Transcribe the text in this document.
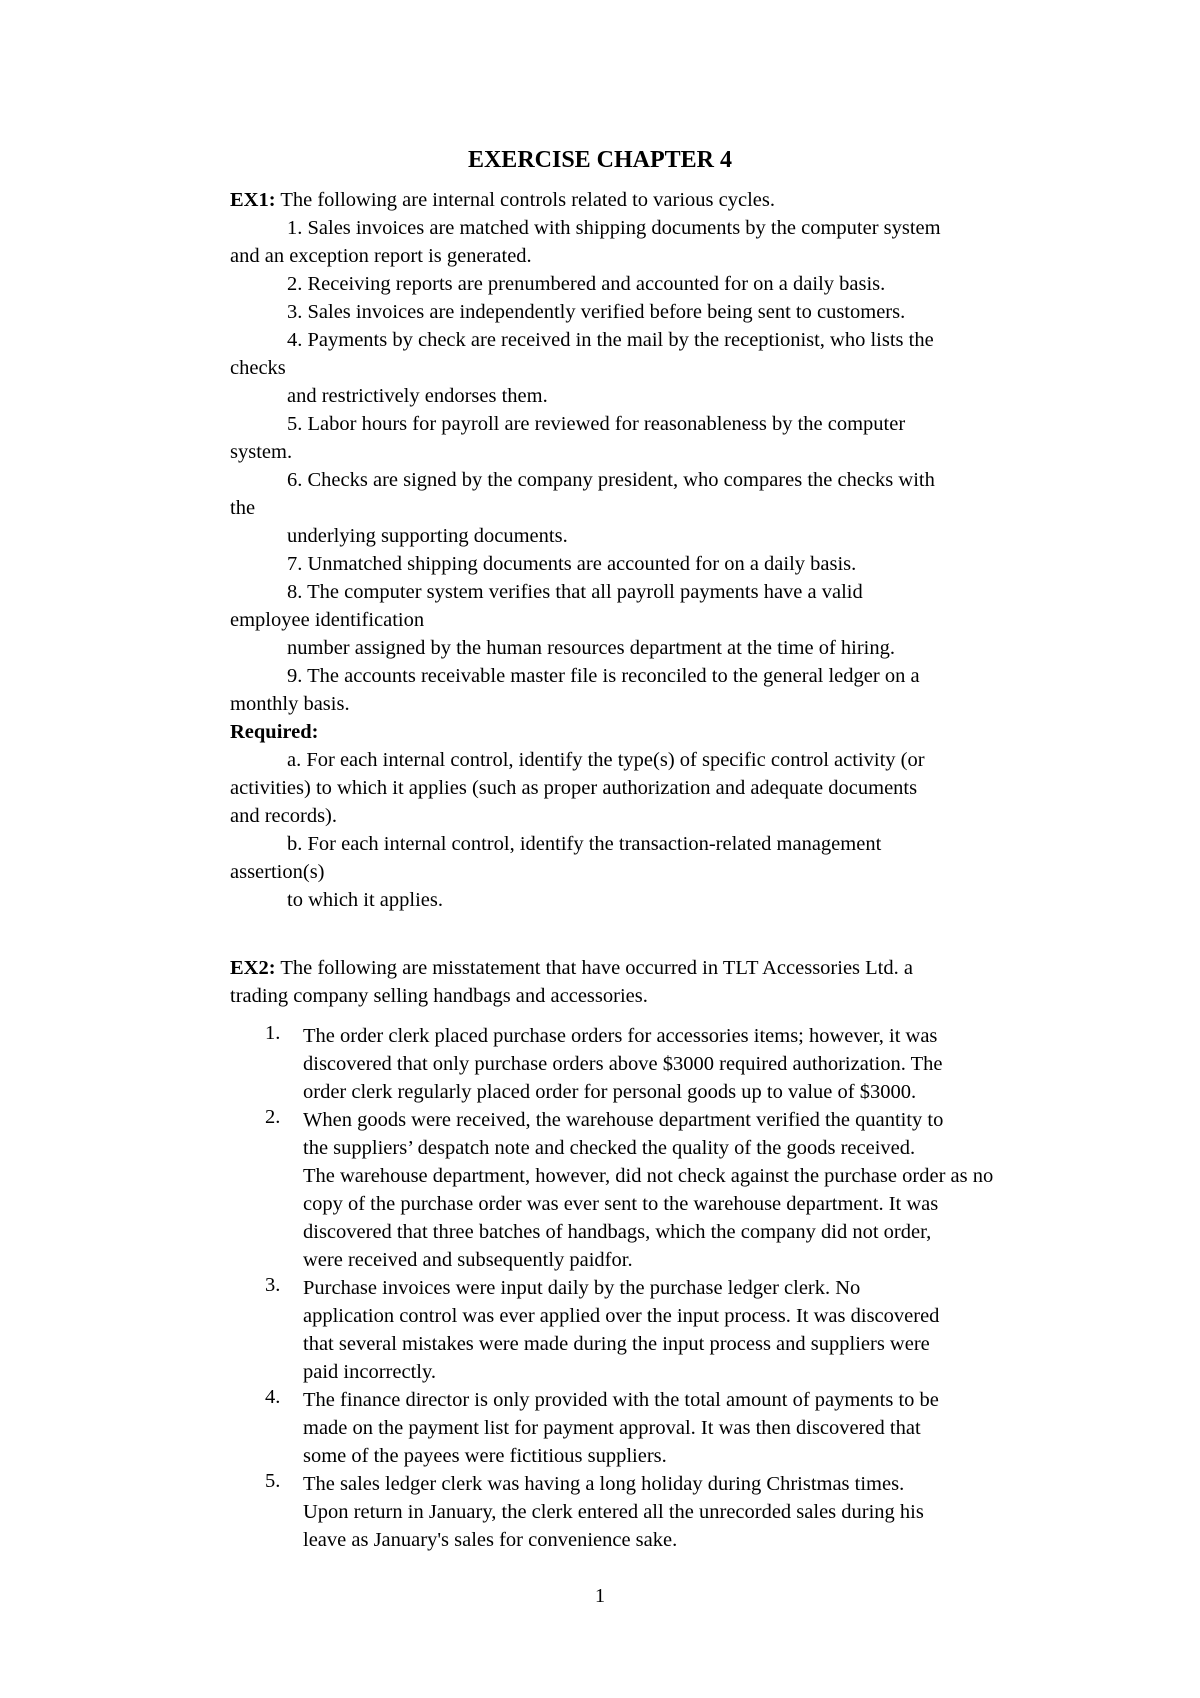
EXERCISE CHAPTER 4
EX1: The following are internal controls related to various cycles.
1. Sales invoices are matched with shipping documents by the computer system
and an exception report is generated.
2. Receiving reports are prenumbered and accounted for on a daily basis.
3. Sales invoices are independently verified before being sent to customers.
4. Payments by check are received in the mail by the receptionist, who lists the
checks
and restrictively endorses them.
5. Labor hours for payroll are reviewed for reasonableness by the computer
system.
6. Checks are signed by the company president, who compares the checks with
the
underlying supporting documents.
7. Unmatched shipping documents are accounted for on a daily basis.
8. The computer system verifies that all payroll payments have a valid
employee identification
number assigned by the human resources department at the time of hiring.
9. The accounts receivable master file is reconciled to the general ledger on a
monthly basis.
Required:
a. For each internal control, identify the type(s) of specific control activity (or
activities) to which it applies (such as proper authorization and adequate documents
and records).
b. For each internal control, identify the transaction-related management
assertion(s)
to which it applies.
EX2: The following are misstatement that have occurred in TLT Accessories Ltd. a
trading company selling handbags and accessories.
1. The order clerk placed purchase orders for accessories items; however, it was
discovered that only purchase orders above $3000 required authorization. The
order clerk regularly placed order for personal goods up to value of $3000.
2. When goods were received, the warehouse department verified the quantity to
the suppliers’ despatch note and checked the quality of the goods received.
The warehouse department, however, did not check against the purchase order as no
copy of the purchase order was ever sent to the warehouse department. It was
discovered that three batches of handbags, which the company did not order,
were received and subsequently paidfor.
3. Purchase invoices were input daily by the purchase ledger clerk. No
application control was ever applied over the input process. It was discovered
that several mistakes were made during the input process and suppliers were
paid incorrectly.
4. The finance director is only provided with the total amount of payments to be
made on the payment list for payment approval. It was then discovered that
some of the payees were fictitious suppliers.
5. The sales ledger clerk was having a long holiday during Christmas times.
Upon return in January, the clerk entered all the unrecorded sales during his
leave as January's sales for convenience sake.
1
